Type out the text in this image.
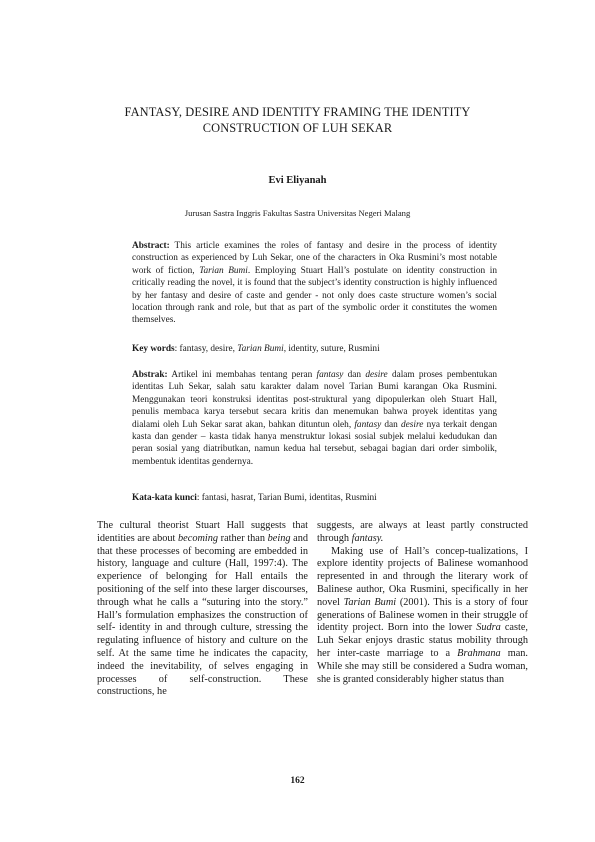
FANTASY, DESIRE AND IDENTITY FRAMING THE IDENTITY
CONSTRUCTION OF LUH SEKAR
Evi Eliyanah
Jurusan Sastra Inggris Fakultas Sastra Universitas Negeri Malang

Abstract: This article examines the roles of fantasy and desire in the process of identity construction as experienced by Luh Sekar, one of the characters in Oka Rusmini’s most notable work of fiction, Tarian Bumi. Employing Stuart Hall’s postulate on identity construction in critically reading the novel, it is found that the subject’s identity construction is highly influenced by her fantasy and desire of caste and gender - not only does caste structure women’s social location through rank and role, but that as part of the symbolic order it constitutes the women themselves.

Key words: fantasy, desire, Tarian Bumi, identity, suture, Rusmini

Abstrak: Artikel ini membahas tentang peran fantasy dan desire dalam proses pembentukan identitas Luh Sekar, salah satu karakter dalam novel Tarian Bumi karangan Oka Rusmini. Menggunakan teori konstruksi identitas post-struktural yang dipopulerkan oleh Stuart Hall, penulis membaca karya tersebut secara kritis dan menemukan bahwa proyek identitas yang dialami oleh Luh Sekar sarat akan, bahkan dituntun oleh, fantasy dan desire nya terkait dengan kasta dan gender – kasta tidak hanya menstruktur lokasi sosial subjek melalui kedudukan dan peran sosial yang diatributkan, namun kedua hal tersebut, sebagai bagian dari order simbolik, membentuk identitas gendernya.

Kata-kata kunci: fantasi, hasrat, Tarian Bumi, identitas, Rusmini

The cultural theorist Stuart Hall suggests that identities are about becoming rather than being and that these processes of becoming are embedded in history, language and culture (Hall, 1997:4). The experience of belonging for Hall entails the positioning of the self into these larger discourses, through what he calls a “suturing into the story.” Hall’s formulation emphasizes the construction of self- identity in and through culture, stressing the regulating influence of history and culture on the self. At the same time he indicates the capacity, indeed the inevitability, of selves engaging in processes of self-construction. These constructions, he

suggests, are always at least partly constructed through fantasy.

Making use of Hall’s concep-tualizations, I explore identity projects of Balinese womanhood represented in and through the literary work of Balinese author, Oka Rusmini, specifically in her novel Tarian Bumi (2001). This is a story of four generations of Balinese women in their struggle of identity project. Born into the lower Sudra caste, Luh Sekar enjoys drastic status mobility through her inter-caste marriage to a Brahmana man. While she may still be considered a Sudra woman, she is granted considerably higher status than

162
